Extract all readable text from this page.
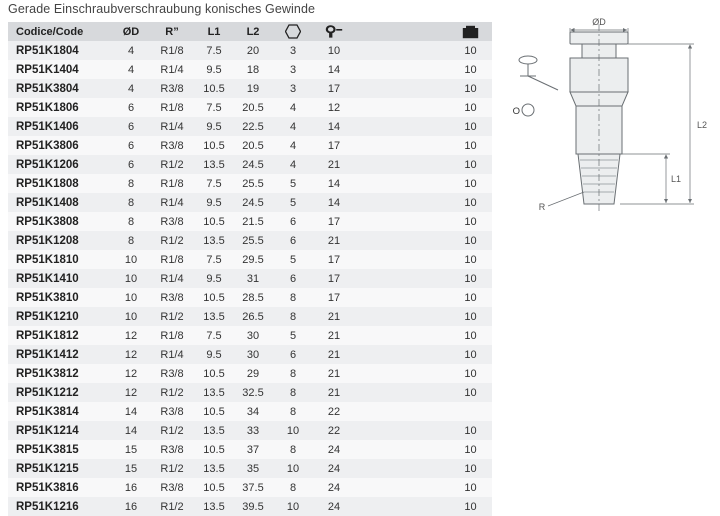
Gerade Einschraubverschraubung konisches Gewinde
Codice/Code	ØD	R”	L1	L2	

RP51K1804	4	R1/8	7.5	20	3	10		10
RP51K1404	4	R1/4	9.5	18	3	14		10
RP51K3804	4	R3/8	10.5	19	3	17		10
RP51K1806	6	R1/8	7.5	20.5	4	12		10
RP51K1406	6	R1/4	9.5	22.5	4	14		10
RP51K3806	6	R3/8	10.5	20.5	4	17		10
RP51K1206	6	R1/2	13.5	24.5	4	21		10
RP51K1808	8	R1/8	7.5	25.5	5	14		10
RP51K1408	8	R1/4	9.5	24.5	5	14		10
RP51K3808	8	R3/8	10.5	21.5	6	17		10
RP51K1208	8	R1/2	13.5	25.5	6	21		10
RP51K1810	10	R1/8	7.5	29.5	5	17		10
RP51K1410	10	R1/4	9.5	31	6	17		10
RP51K3810	10	R3/8	10.5	28.5	8	17		10
RP51K1210	10	R1/2	13.5	26.5	8	21		10
RP51K1812	12	R1/8	7.5	30	5	21		10
RP51K1412	12	R1/4	9.5	30	6	21		10
RP51K3812	12	R3/8	10.5	29	8	21		10
RP51K1212	12	R1/2	13.5	32.5	8	21		10
RP51K3814	14	R3/8	10.5	34	8	22		
RP51K1214	14	R1/2	13.5	33	10	22		10
RP51K3815	15	R3/8	10.5	37	8	24		10
RP51K1215	15	R1/2	13.5	35	10	24		10
RP51K3816	16	R3/8	10.5	37.5	8	24		10
RP51K1216	16	R1/2	13.5	39.5	10	24		10
ØD
L2
L1
R
O
